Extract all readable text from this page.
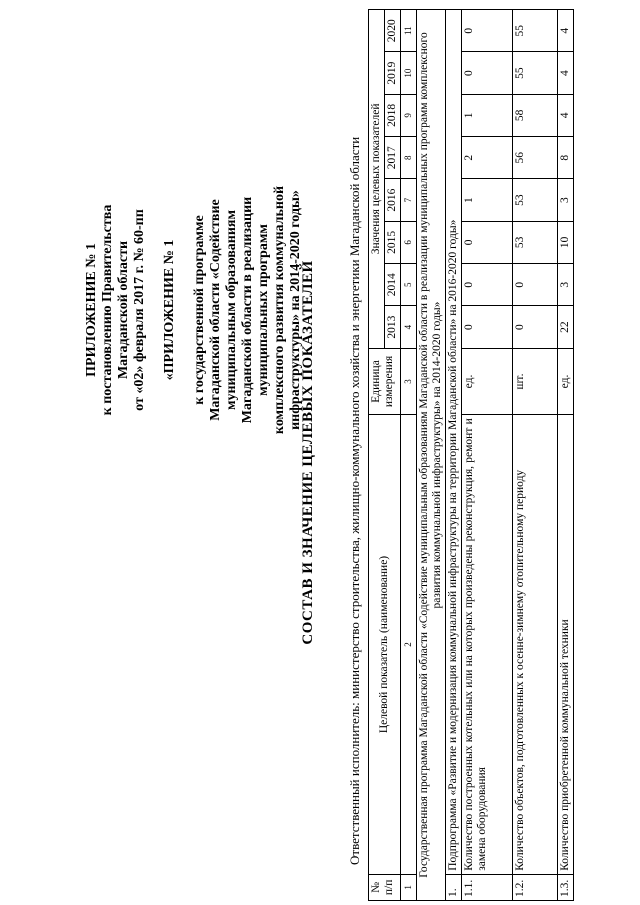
ПРИЛОЖЕНИЕ № 1 к постановлению Правительства Магаданской области от «02» февраля 2017 г. № 60-пп «ПРИЛОЖЕНИЕ № 1 к государственной программе Магаданской области «Содействие муниципальным образованиям Магаданской области в реализации муниципальных программ комплексного развития коммунальной инфраструктуры» на 2014-2020 годы»
СОСТАВ И ЗНАЧЕНИЕ ЦЕЛЕВЫХ ПОКАЗАТЕЛЕЙ Ответственный исполнитель: министерство строительства, жилищно-коммунального хозяйства и энергетики Магаданской области
№ п/п	Целевой показатель (наименование)	Единица измерения	Значения целевых показателей							
			2013	2014	2015	2016	2017	2018	2019	2020
1	2	3	4	5	6	7	8	9	10	11
Государственная программа Магаданской области «Содействие муниципальным образованиям Магаданской области в реализации муниципальных программ комплексного развития коммунальной инфраструктуры» на 2014-2020 годы»										
1.	Подпрограмма «Развитие и модернизация коммунальной инфраструктуры на территории Магаданской области» на 2016-2020 годы»									
1.1.	Количество построенных котельных или на которых произведены реконструкция, ремонт и замена оборудования	ед.	0	0	0	1	2	1	0	0
1.2.	Количество объектов, подготовленных к осенне-зимнему отопительному периоду	шт.	0	0	53	53	56	58	55	55
1.3.	Количество приобретенной коммунальной техники	ед.	22	3	10	3	8	4	4	4
